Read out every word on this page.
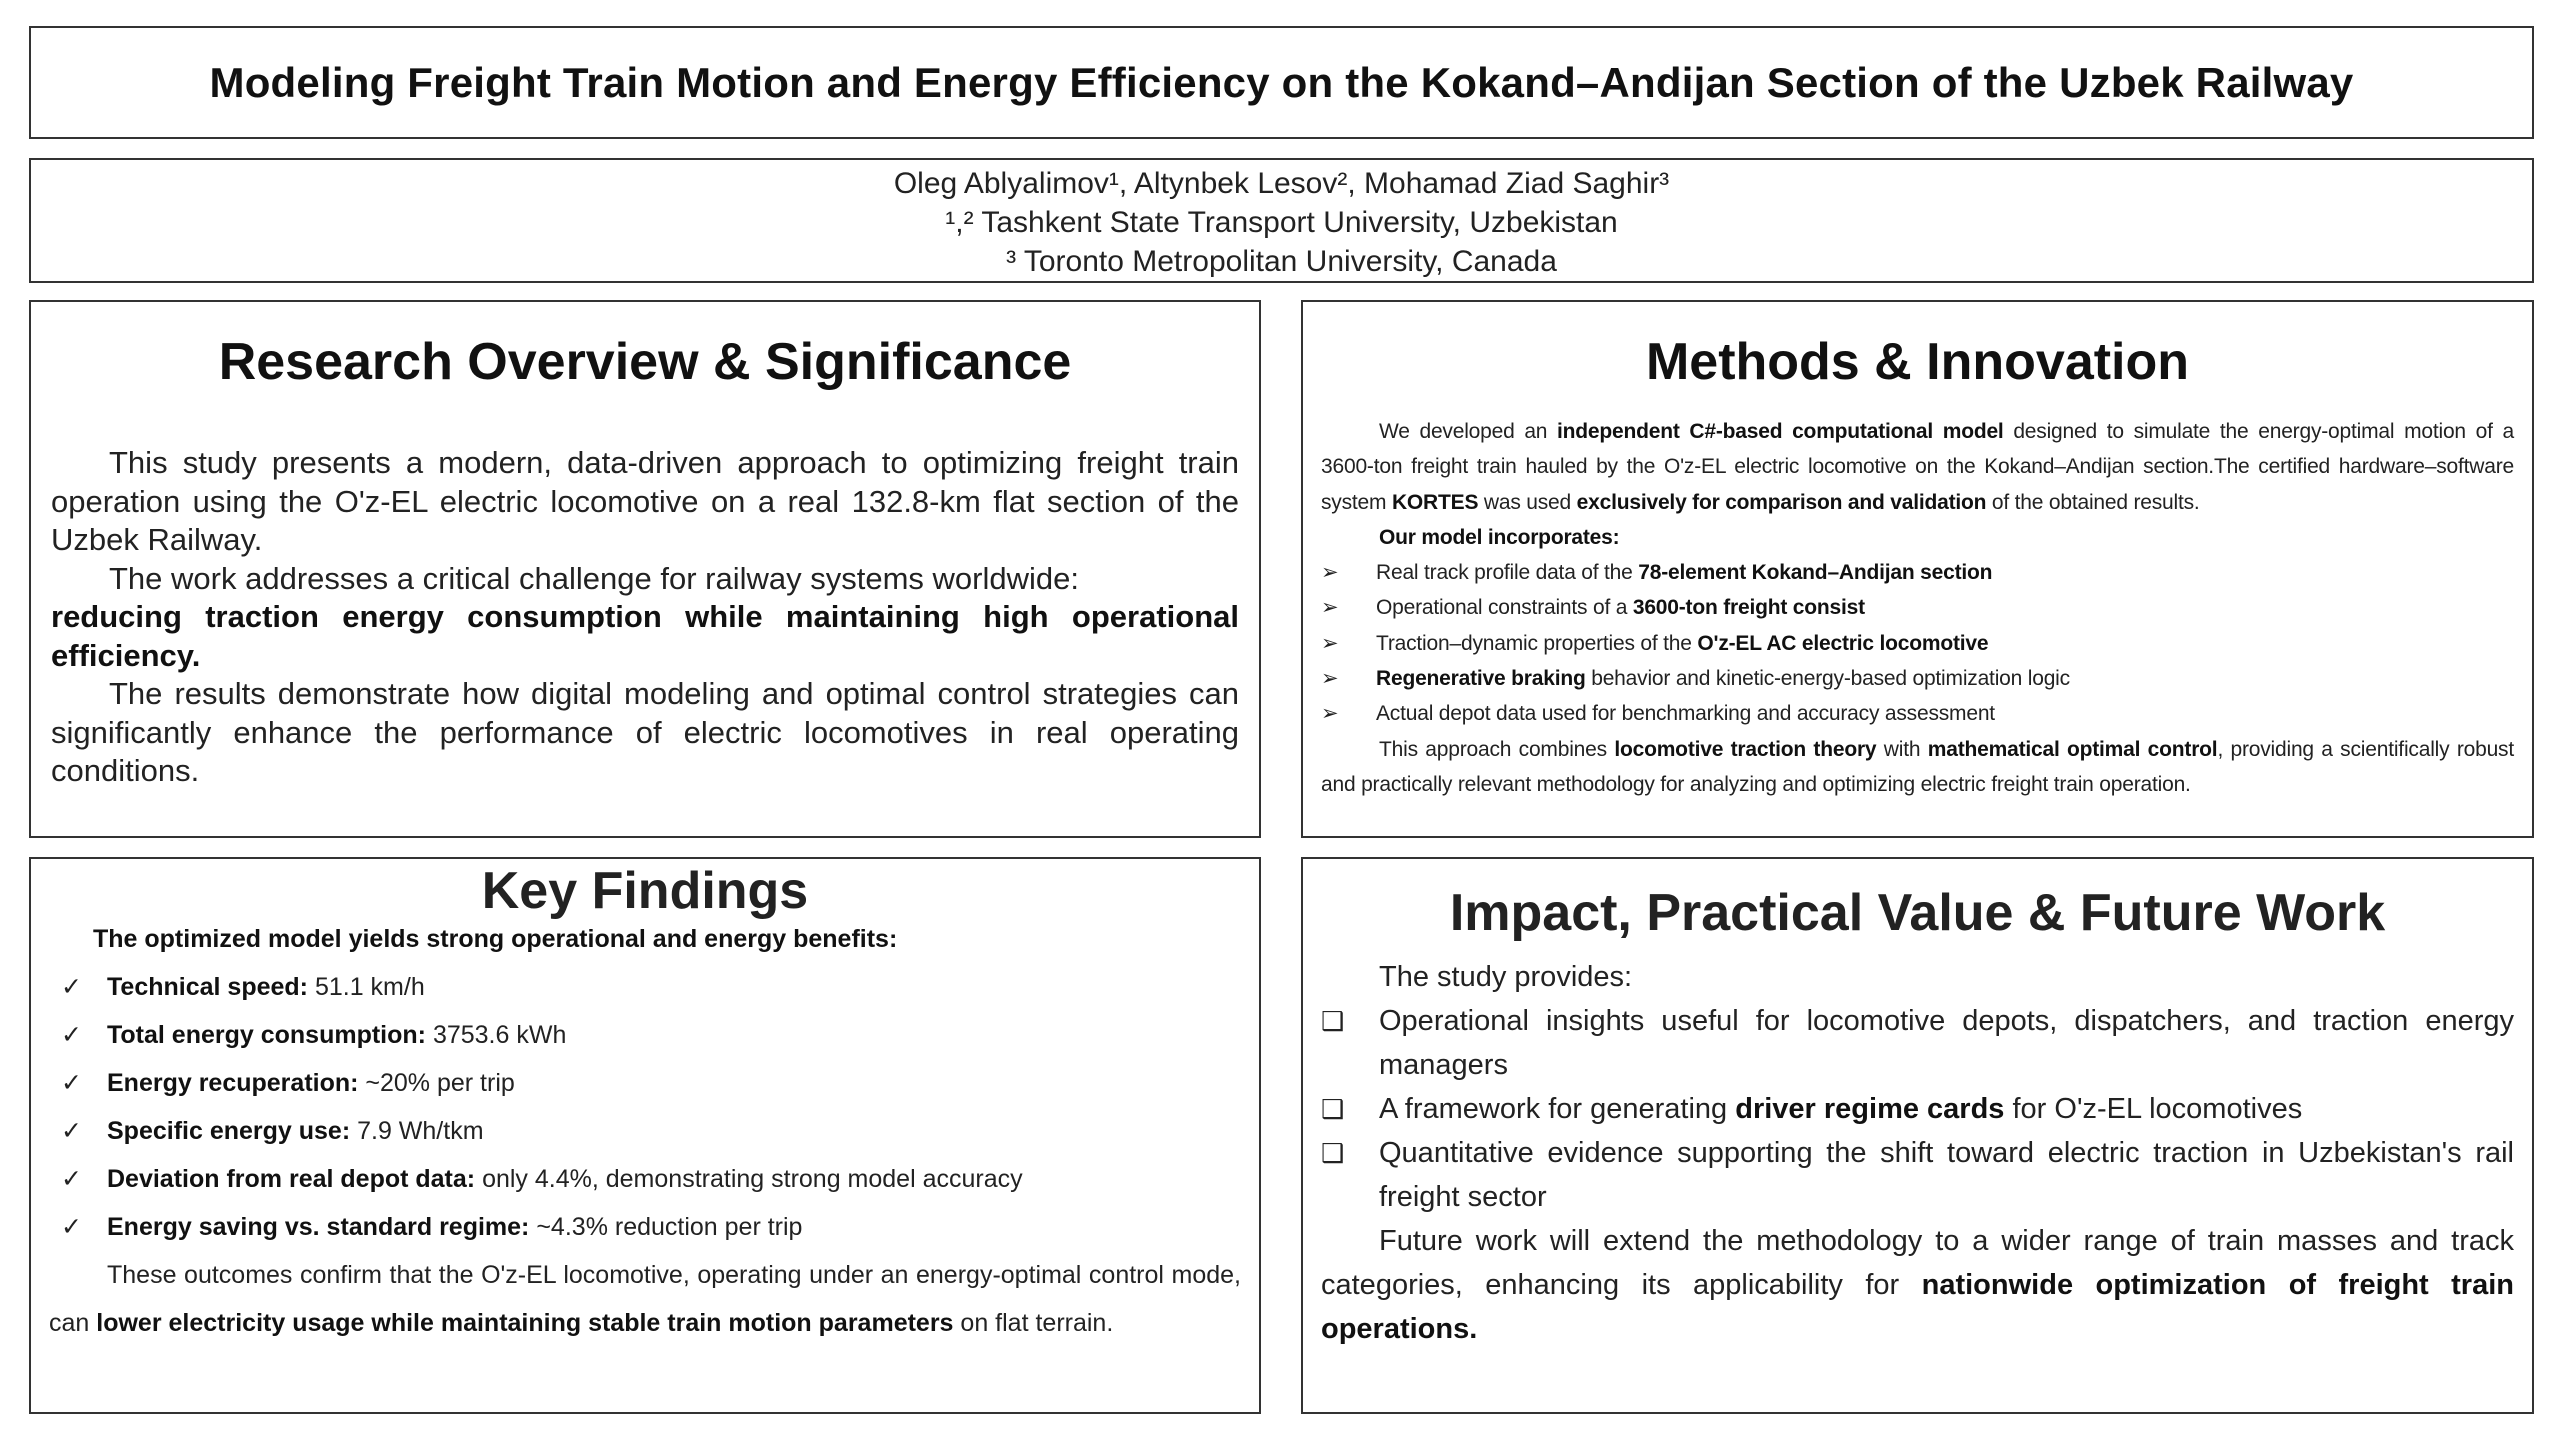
Modeling Freight Train Motion and Energy Efficiency on the Kokand–Andijan Section of the Uzbek Railway
Oleg Ablyalimov¹, Altynbek Lesov², Mohamad Ziad Saghir³
¹,² Tashkent State Transport University, Uzbekistan
³ Toronto Metropolitan University, Canada
Research Overview & Significance

This study presents a modern, data-driven approach to optimizing freight train operation using the O'z-EL electric locomotive on a real 132.8-km flat section of the Uzbek Railway.

The work addresses a critical challenge for railway systems worldwide:

reducing traction energy consumption while maintaining high operational efficiency.

The results demonstrate how digital modeling and optimal control strategies can significantly enhance the performance of electric locomotives in real operating conditions.

Methods & Innovation

We developed an independent C#-based computational model designed to simulate the energy-optimal motion of a 3600-ton freight train hauled by the O'z-EL electric locomotive on the Kokand–Andijan section.The certified hardware–software system KORTES was used exclusively for comparison and validation of the obtained results.

Our model incorporates:

➢	Real track profile data of the 78-element Kokand–Andijan section
➢	Operational constraints of a 3600-ton freight consist
➢	Traction–dynamic properties of the O'z-EL AC electric locomotive
➢	Regenerative braking behavior and kinetic-energy-based optimization logic
➢	Actual depot data used for benchmarking and accuracy assessment

This approach combines locomotive traction theory with mathematical optimal control, providing a scientifically robust and practically relevant methodology for analyzing and optimizing electric freight train operation.

Key Findings

The optimized model yields strong operational and energy benefits:

✓	Technical speed: 51.1 km/h
✓	Total energy consumption: 3753.6 kWh
✓	Energy recuperation: ~20% per trip
✓	Specific energy use: 7.9 Wh/tkm
✓	Deviation from real depot data: only 4.4%, demonstrating strong model accuracy
✓	Energy saving vs. standard regime: ~4.3% reduction per trip

These outcomes confirm that the O'z-EL locomotive, operating under an energy-optimal control mode, can lower electricity usage while maintaining stable train motion parameters on flat terrain.

Impact, Practical Value & Future Work

The study provides:

❑	Operational insights useful for locomotive depots, dispatchers, and traction energy managers
❑	A framework for generating driver regime cards for O'z-EL locomotives
❑	Quantitative evidence supporting the shift toward electric traction in Uzbekistan's rail freight sector

Future work will extend the methodology to a wider range of train masses and track categories, enhancing its applicability for nationwide optimization of freight train operations.
